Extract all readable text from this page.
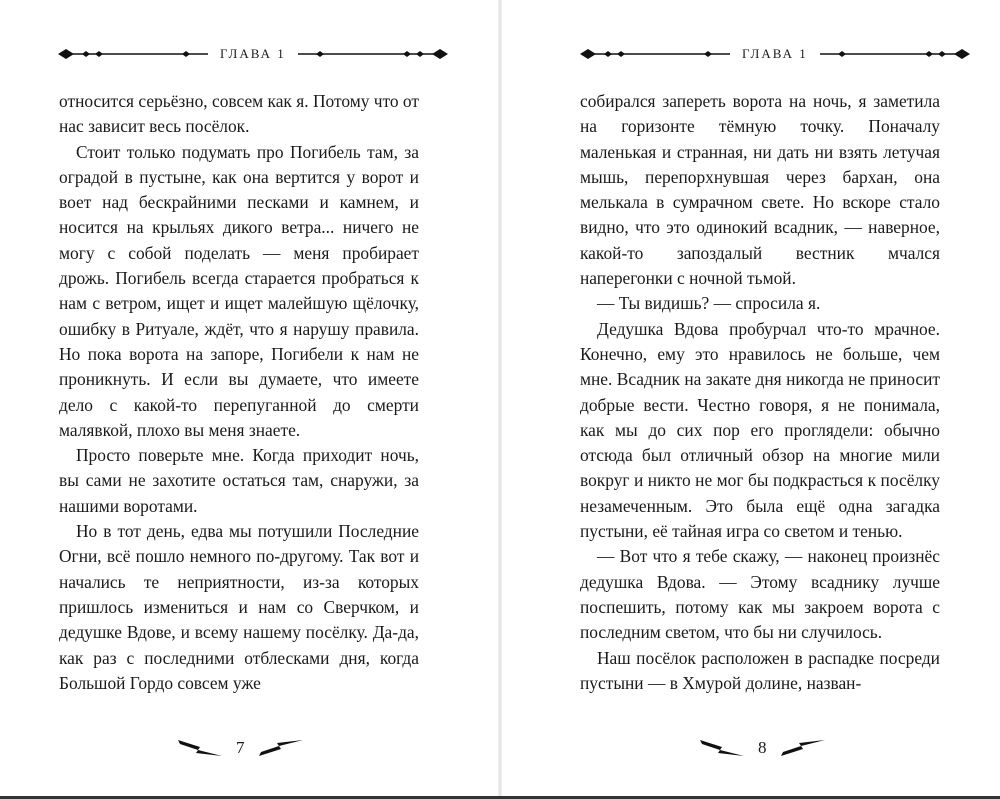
ГЛАВА 1

относится серьёзно, совсем как я. Потому что от нас зависит весь посёлок.

Стоит только подумать про Погибель там, за оградой в пустыне, как она вертится у ворот и воет над бескрайними песками и камнем, и носится на крыльях дикого ветра... ничего не могу с собой поделать — меня пробирает дрожь. Погибель всегда старается пробраться к нам с ветром, ищет и ищет малейшую щёлочку, ошибку в Ритуале, ждёт, что я нарушу правила. Но пока ворота на запоре, Погибели к нам не проникнуть. И если вы думаете, что имеете дело с какой-то перепуганной до смерти малявкой, плохо вы меня знаете.

Просто поверьте мне. Когда приходит ночь, вы сами не захотите остаться там, снаружи, за нашими воротами.

Но в тот день, едва мы потушили Последние Огни, всё пошло немного по-другому. Так вот и начались те неприятности, из-за которых пришлось измениться и нам со Сверчком, и дедушке Вдове, и всему нашему посёлку. Да-да, как раз с последними отблесками дня, когда Большой Гордо совсем уже

7
ГЛАВА 1

собирался запереть ворота на ночь, я заметила на горизонте тёмную точку. Поначалу маленькая и странная, ни дать ни взять летучая мышь, перепорхнувшая через бархан, она мелькала в сумрачном свете. Но вскоре стало видно, что это одинокий всадник, — наверное, какой-то запоздалый вестник мчался наперегонки с ночной тьмой.

— Ты видишь? — спросила я.

Дедушка Вдова пробурчал что-то мрачное. Конечно, ему это нравилось не больше, чем мне. Всадник на закате дня никогда не приносит добрые вести. Честно говоря, я не понимала, как мы до сих пор его проглядели: обычно отсюда был отличный обзор на многие мили вокруг и никто не мог бы подкрасться к посёлку незамеченным. Это была ещё одна загадка пустыни, её тайная игра со светом и тенью.

— Вот что я тебе скажу, — наконец произнёс дедушка Вдова. — Этому всаднику лучше поспешить, потому как мы закроем ворота с последним светом, что бы ни случилось.

Наш посёлок расположен в распадке посреди пустыни — в Хмурой долине, назван-

8
